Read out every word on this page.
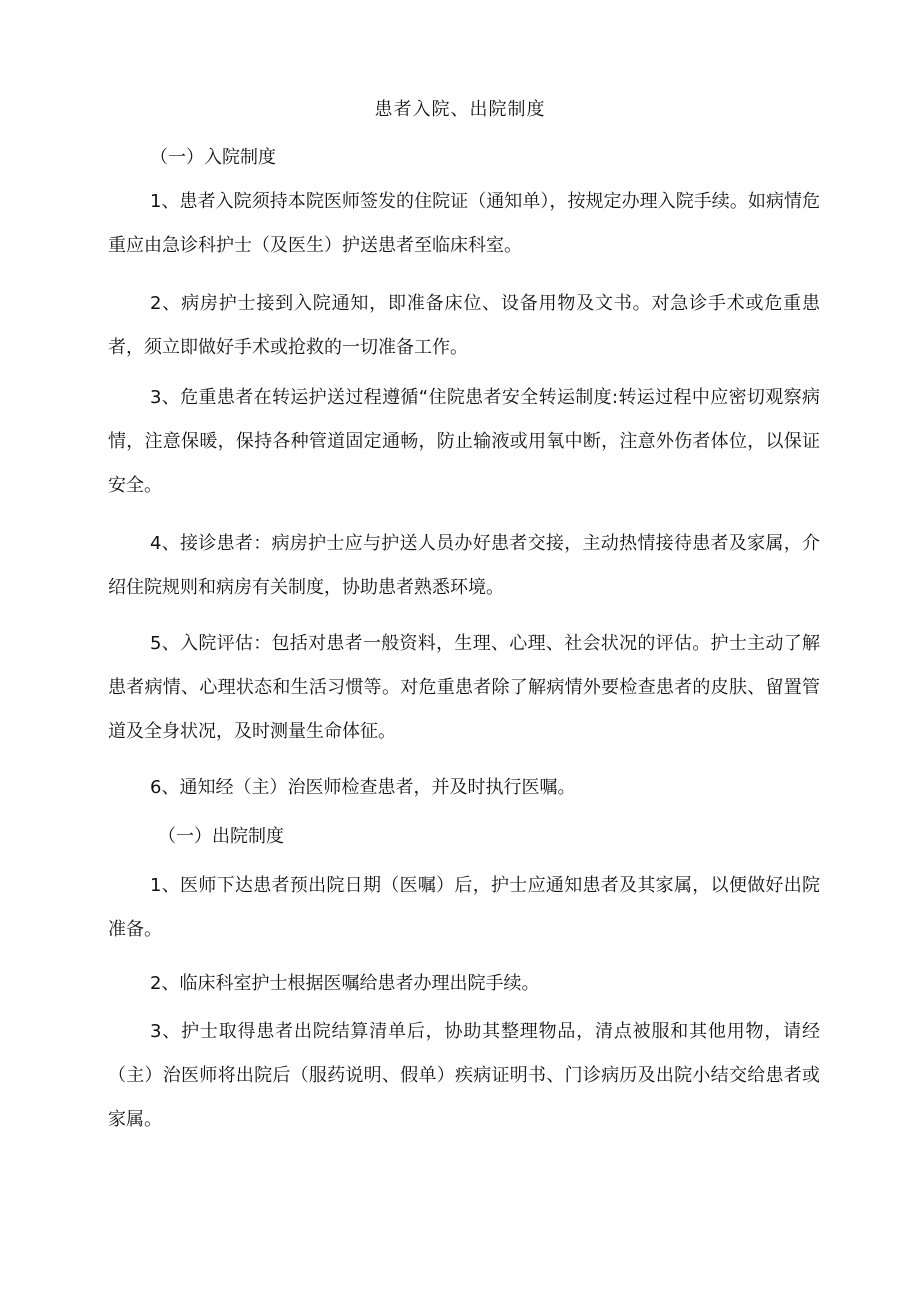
患者入院、出院制度
（一）入院制度

1、患者入院须持本院医师签发的住院证（通知单），按规定办理入院手续。如病情危重应由急诊科护士（及医生）护送患者至临床科室。

2、病房护士接到入院通知，即准备床位、设备用物及文书。对急诊手术或危重患者，须立即做好手术或抢救的一切准备工作。

3、危重患者在转运护送过程遵循“住院患者安全转运制度:转运过程中应密切观察病情，注意保暖，保持各种管道固定通畅，防止输液或用氧中断，注意外伤者体位，以保证安全。

4、接诊患者：病房护士应与护送人员办好患者交接，主动热情接待患者及家属，介绍住院规则和病房有关制度，协助患者熟悉环境。

5、入院评估：包括对患者一般资料，生理、心理、社会状况的评估。护士主动了解患者病情、心理状态和生活习惯等。对危重患者除了解病情外要检查患者的皮肤、留置管道及全身状况，及时测量生命体征。

6、通知经（主）治医师检查患者，并及时执行医嘱。

（一）出院制度

1、医师下达患者预出院日期（医嘱）后，护士应通知患者及其家属，以便做好出院准备。

2、临床科室护士根据医嘱给患者办理出院手续。

3、护士取得患者出院结算清单后，协助其整理物品，清点被服和其他用物，请经（主）治医师将出院后（服药说明、假单）疾病证明书、门诊病历及出院小结交给患者或家属。
